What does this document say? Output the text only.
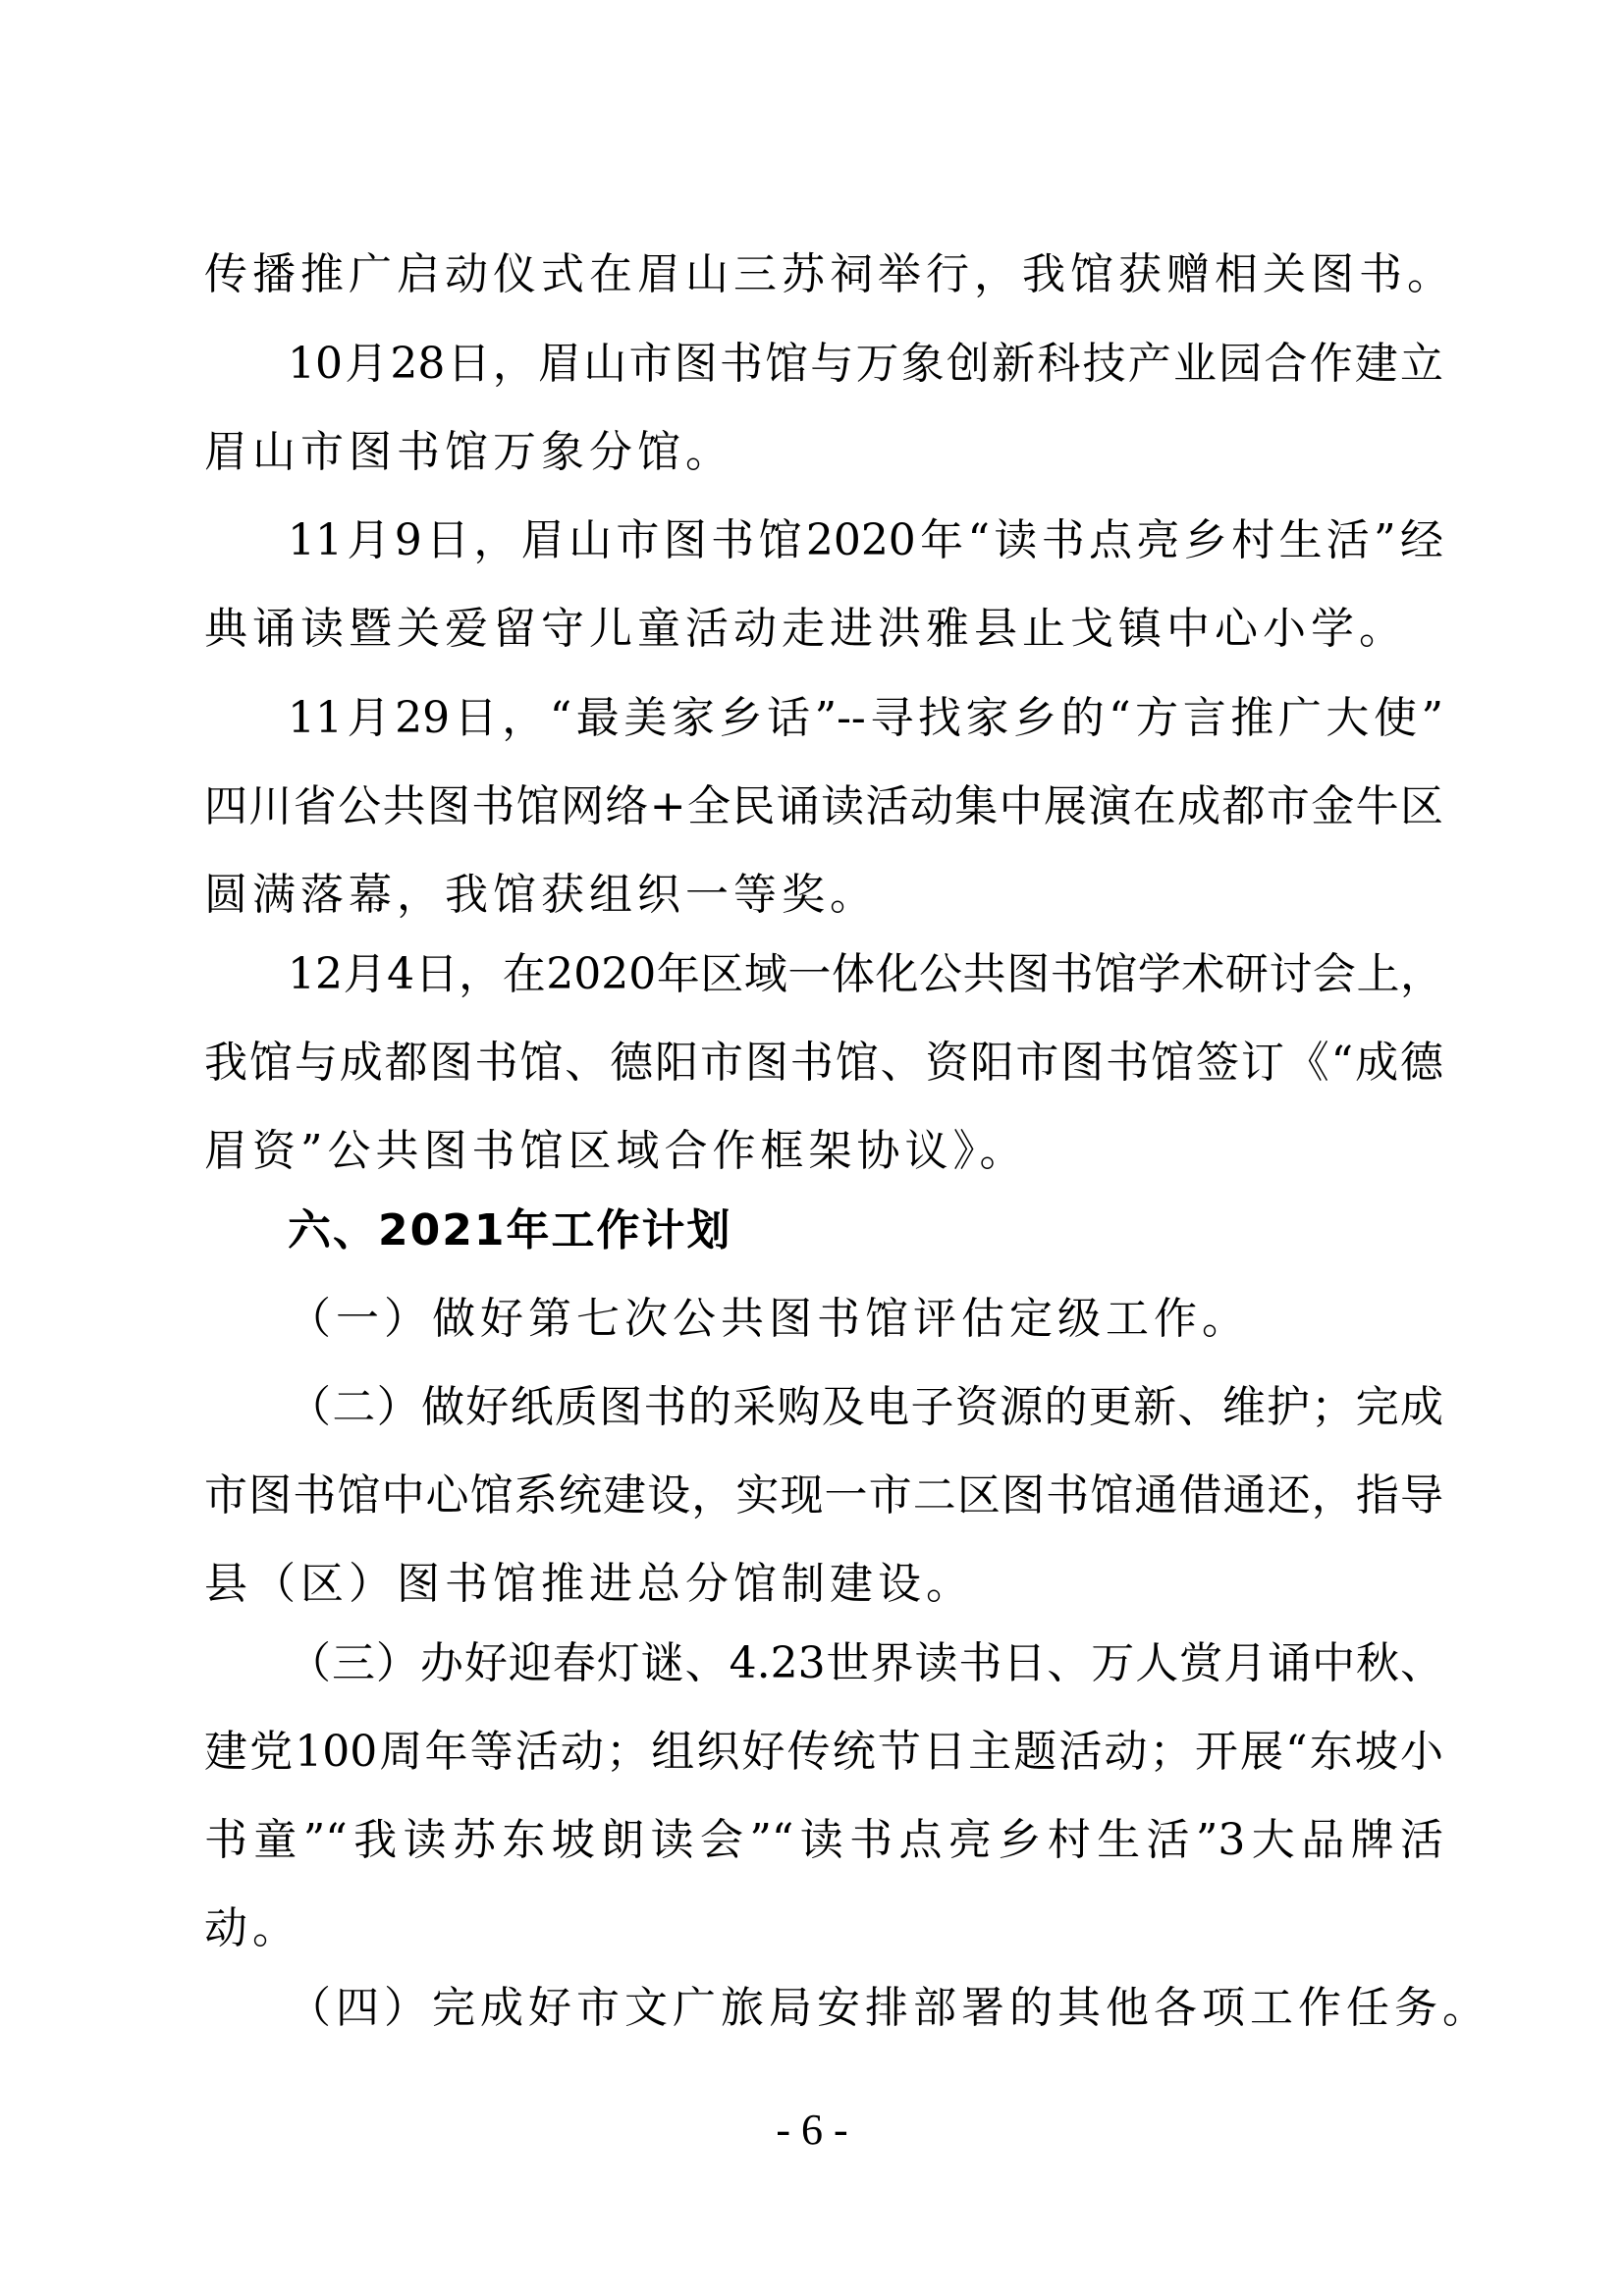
传播推广启动仪式在眉山三苏祠举行，我馆获赠相关图书。
10月28日，眉山市图书馆与万象创新科技产业园合作建立
眉山市图书馆万象分馆。
11月9日，眉山市图书馆2020年“读书点亮乡村生活”经
典诵读暨关爱留守儿童活动走进洪雅县止戈镇中心小学。
11月29日，“最美家乡话”--寻找家乡的“方言推广大使”
四川省公共图书馆网络+全民诵读活动集中展演在成都市金牛区
圆满落幕，我馆获组织一等奖。
12月4日，在2020年区域一体化公共图书馆学术研讨会上，
我馆与成都图书馆、德阳市图书馆、资阳市图书馆签订《“成德
眉资”公共图书馆区域合作框架协议》。
六、2021年工作计划
（一）做好第七次公共图书馆评估定级工作。
（二）做好纸质图书的采购及电子资源的更新、维护；完成
市图书馆中心馆系统建设，实现一市二区图书馆通借通还，指导
县（区）图书馆推进总分馆制建设。
（三）办好迎春灯谜、4.23世界读书日、万人赏月诵中秋、
建党100周年等活动；组织好传统节日主题活动；开展“东坡小
书童”“我读苏东坡朗读会”“读书点亮乡村生活”3大品牌活
动。
（四）完成好市文广旅局安排部署的其他各项工作任务。
- 6 -
